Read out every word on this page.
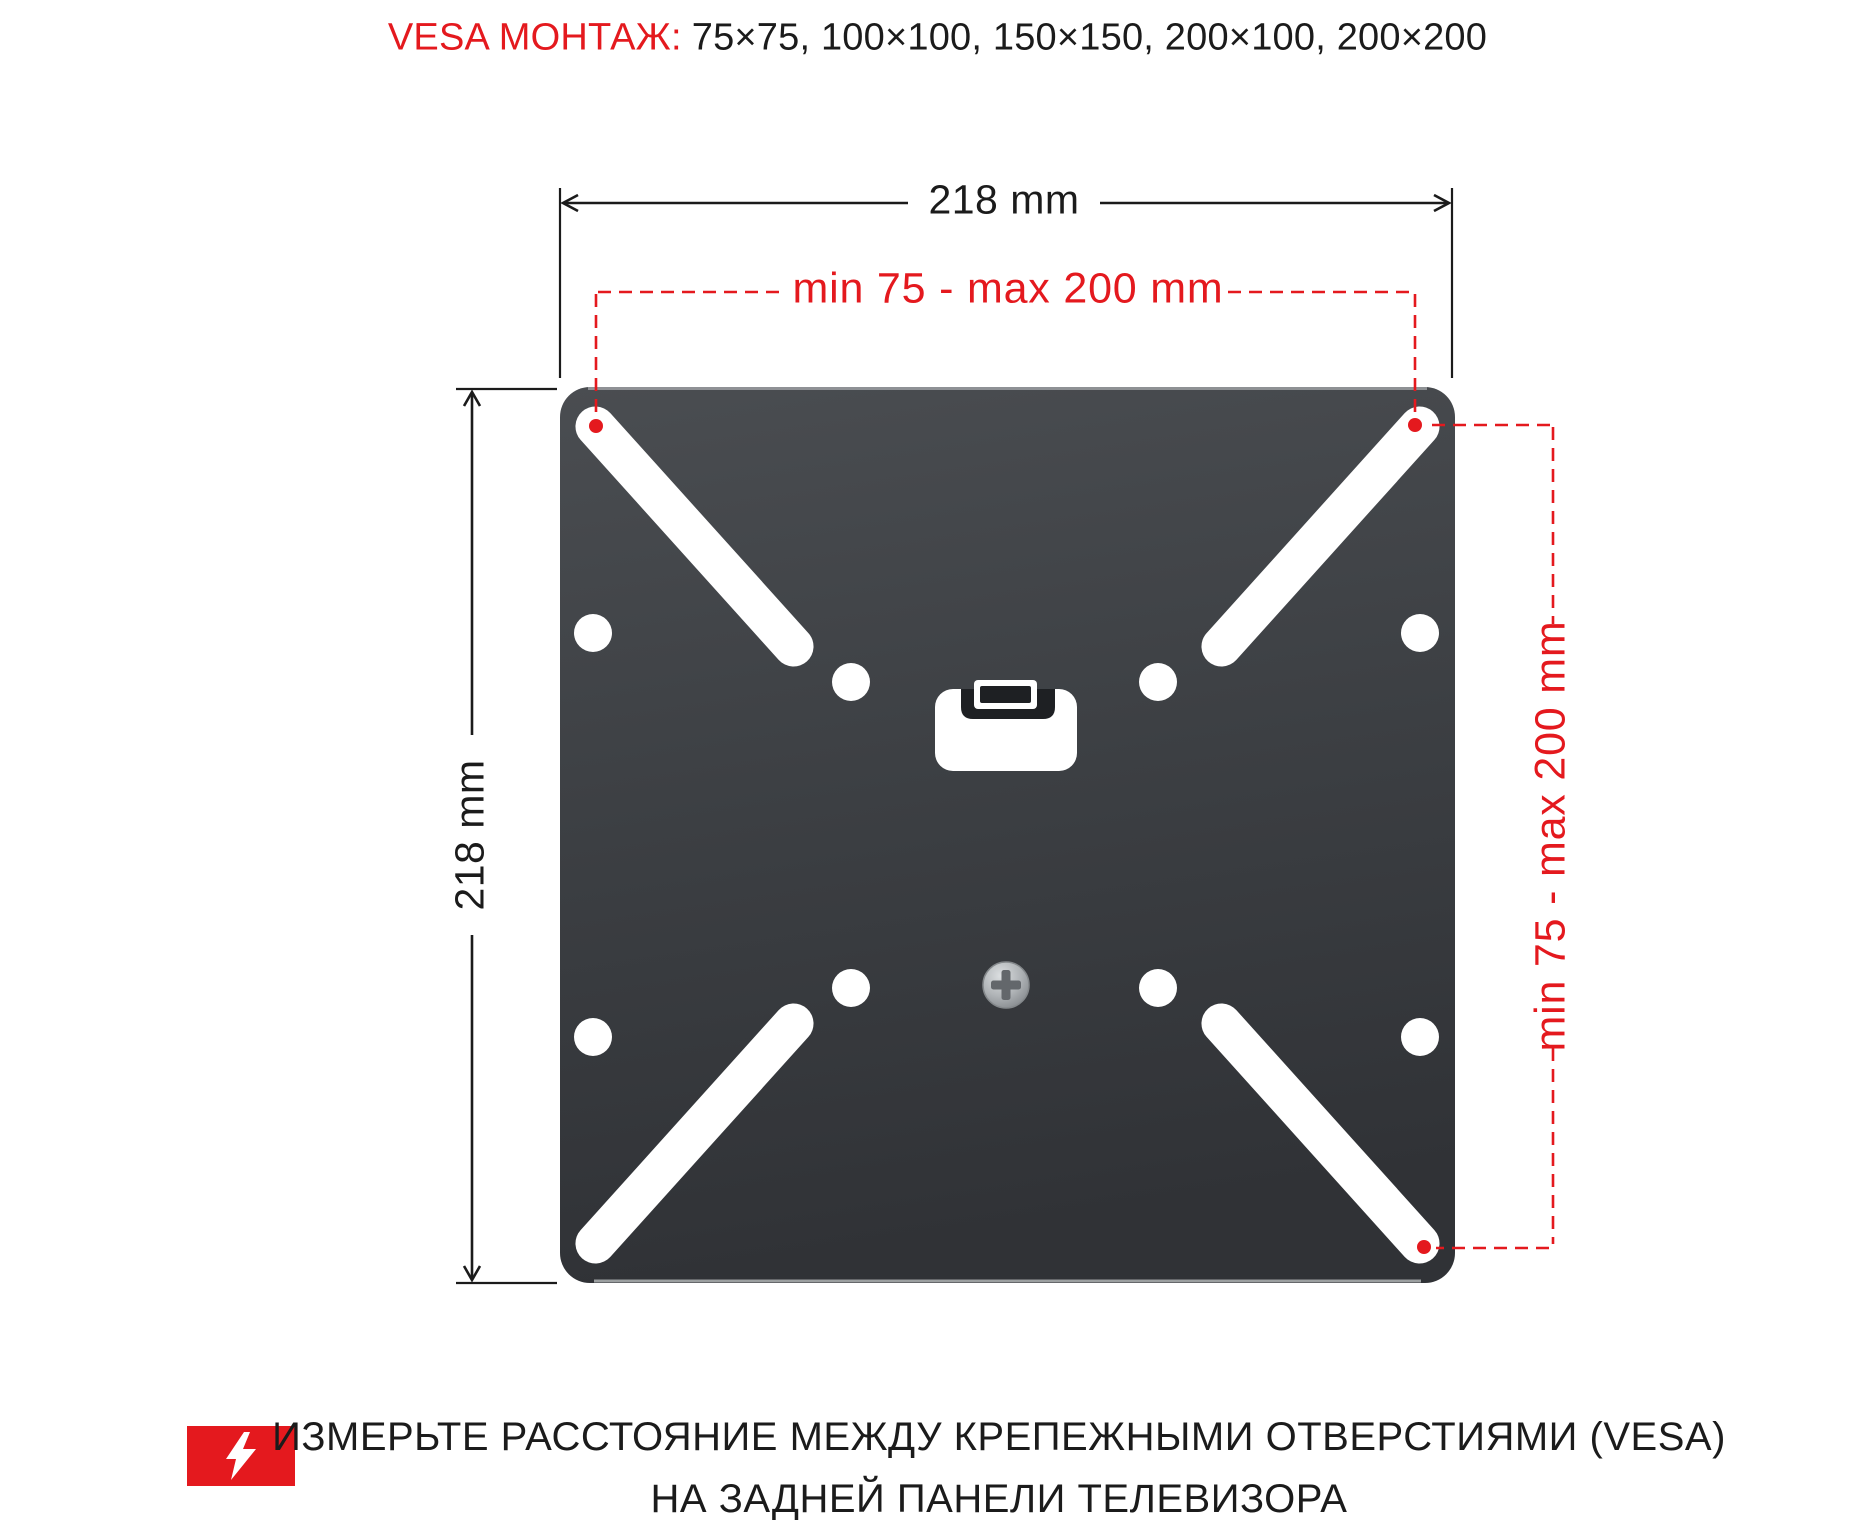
VESA МОНТАЖ: 75×75, 100×100, 150×150, 200×100, 200×200
218 mm
218 mm
min 75 - max 200 mm
min 75 - max 200 mm
ИЗМЕРЬТЕ РАССТОЯНИЕ МЕЖДУ КРЕПЕЖНЫМИ ОТВЕРСТИЯМИ (VESA)
НА ЗАДНЕЙ ПАНЕЛИ ТЕЛЕВИЗОРА
